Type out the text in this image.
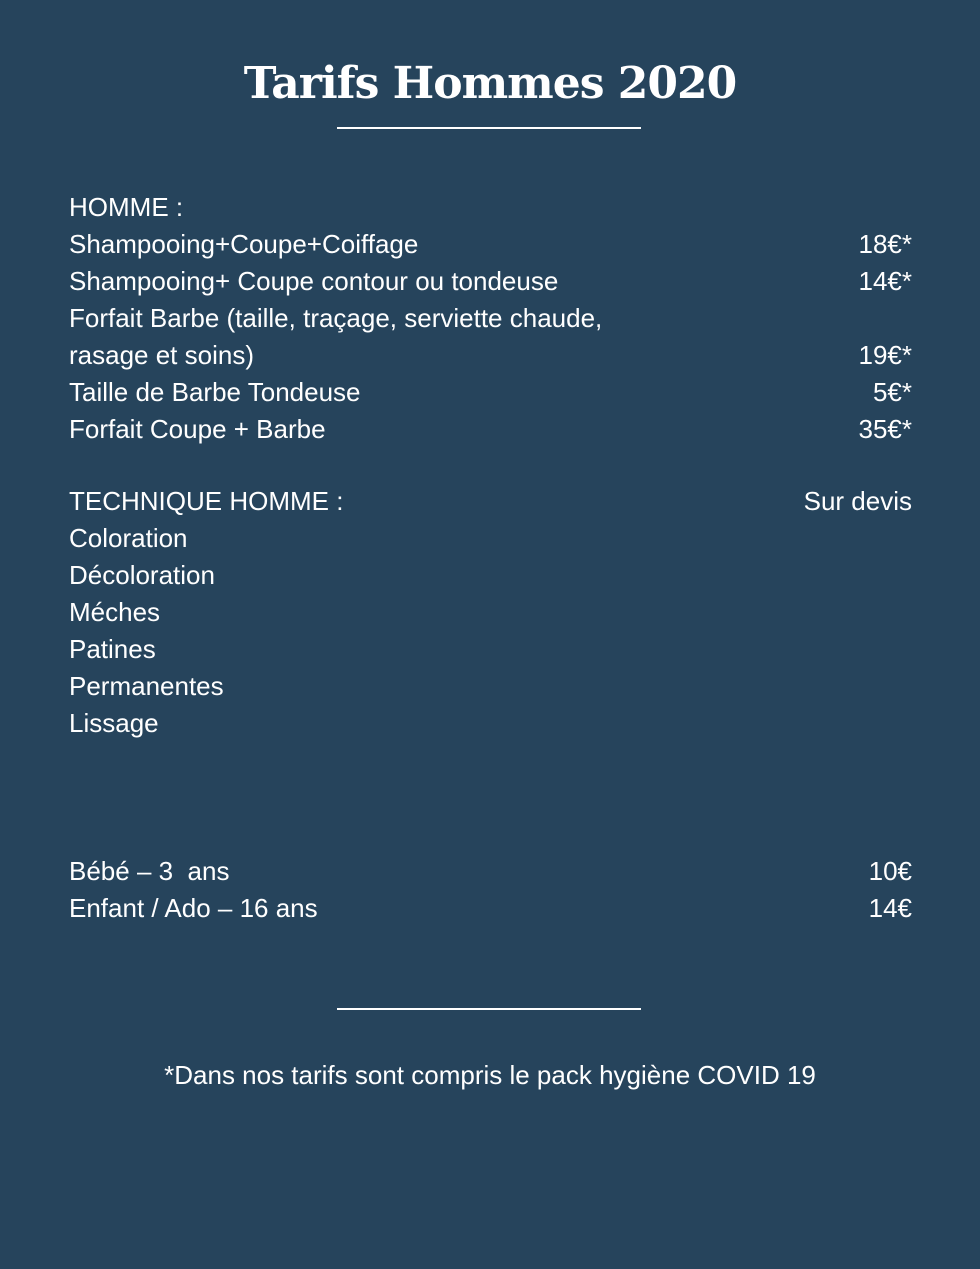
Tarifs Hommes 2020
HOMME :
Shampooing+Coupe+Coiffage	18€*
Shampooing+ Coupe contour ou tondeuse	14€*
Forfait Barbe (taille, traçage, serviette chaude,
rasage et soins)	19€*
Taille de Barbe Tondeuse	5€*
Forfait Coupe + Barbe	35€*
TECHNIQUE HOMME :	Sur devis
Coloration
Décoloration
Méches
Patines
Permanentes
Lissage
Bébé – 3  ans	10€
Enfant / Ado – 16 ans	14€
*Dans nos tarifs sont compris le pack hygiène COVID 19
